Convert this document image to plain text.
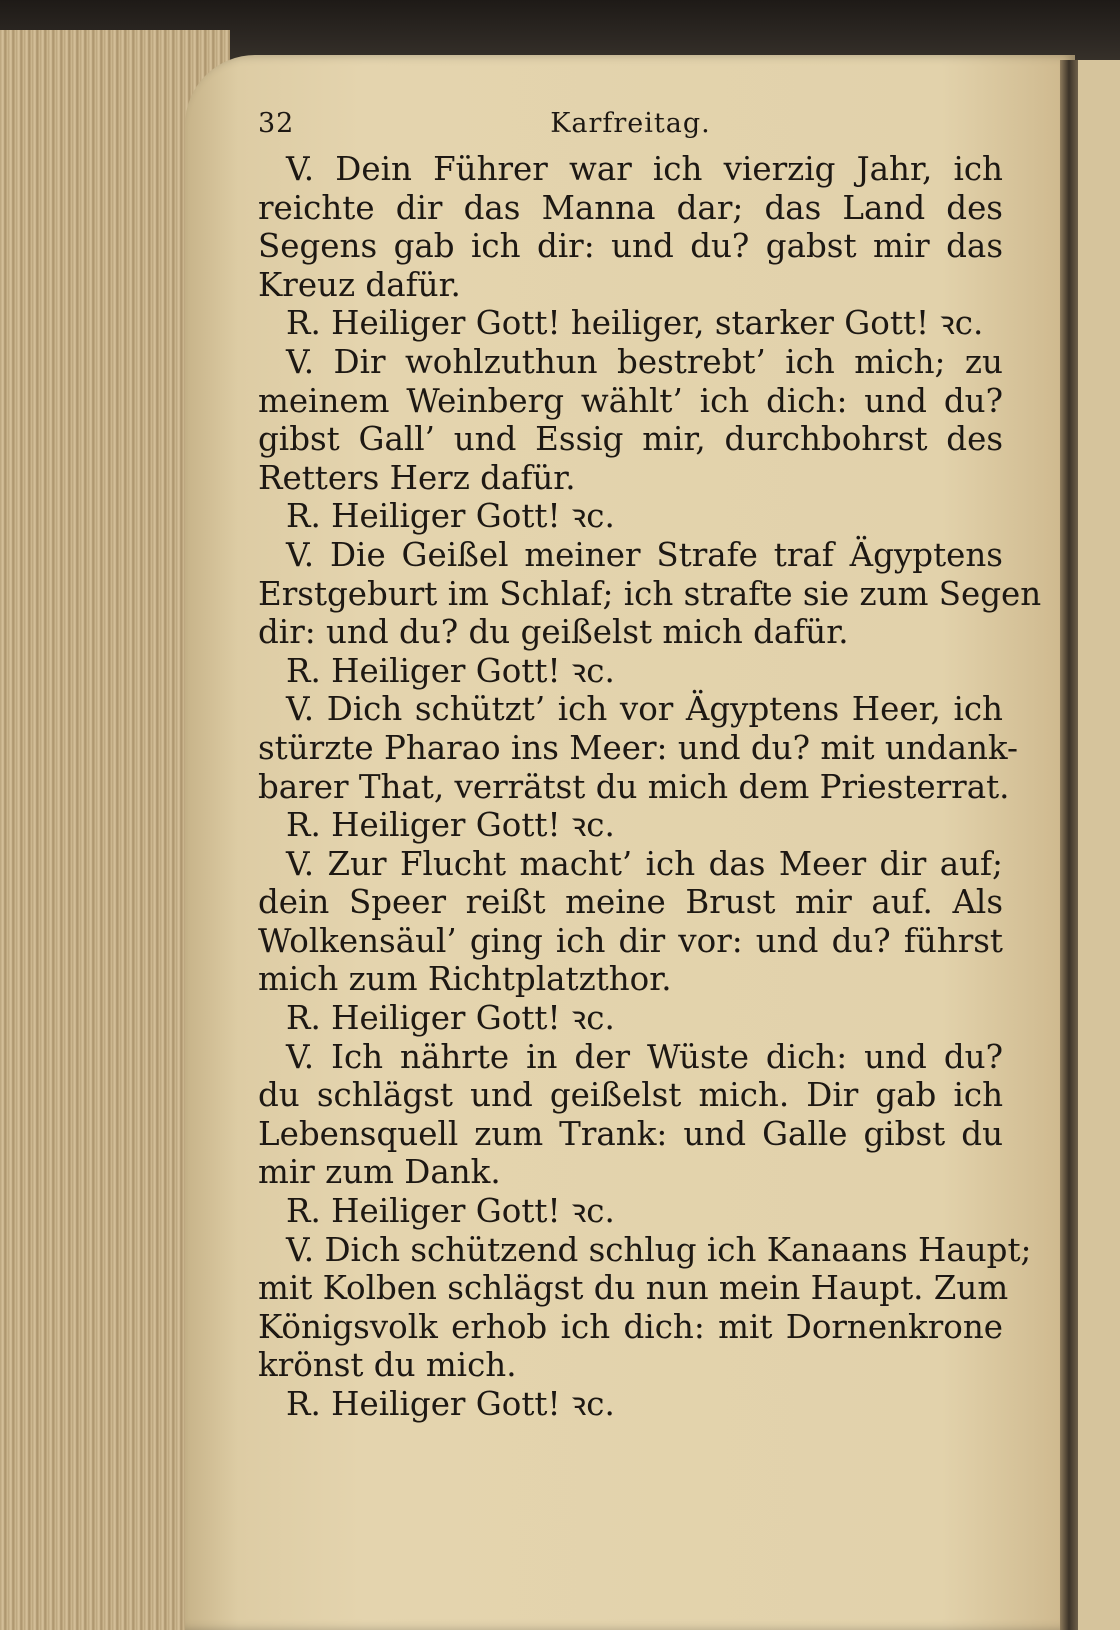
32	Karfreitag.
V. Dein Führer war ich vierzig Jahr, ich
reichte dir das Manna dar; das Land des
Segens gab ich dir: und du? gabst mir das
Kreuz dafür.
R. Heiliger Gott! heiliger, starker Gott! ꝛc.
V. Dir wohlzuthun bestrebt’ ich mich; zu
meinem Weinberg wählt’ ich dich: und du?
gibst Gall’ und Essig mir, durchbohrst des
Retters Herz dafür.
R. Heiliger Gott! ꝛc.
V. Die Geißel meiner Strafe traf Ägyptens
Erstgeburt im Schlaf; ich strafte sie zum Segen
dir: und du? du geißelst mich dafür.
R. Heiliger Gott! ꝛc.
V. Dich schützt’ ich vor Ägyptens Heer, ich
stürzte Pharao ins Meer: und du? mit undank-
barer That, verrätst du mich dem Priesterrat.
R. Heiliger Gott! ꝛc.
V. Zur Flucht macht’ ich das Meer dir auf;
dein Speer reißt meine Brust mir auf. Als
Wolkensäul’ ging ich dir vor: und du? führst
mich zum Richtplatzthor.
R. Heiliger Gott! ꝛc.
V. Ich nährte in der Wüste dich: und du?
du schlägst und geißelst mich. Dir gab ich
Lebensquell zum Trank: und Galle gibst du
mir zum Dank.
R. Heiliger Gott! ꝛc.
V. Dich schützend schlug ich Kanaans Haupt;
mit Kolben schlägst du nun mein Haupt. Zum
Königsvolk erhob ich dich: mit Dornenkrone
krönst du mich.
R. Heiliger Gott! ꝛc.
